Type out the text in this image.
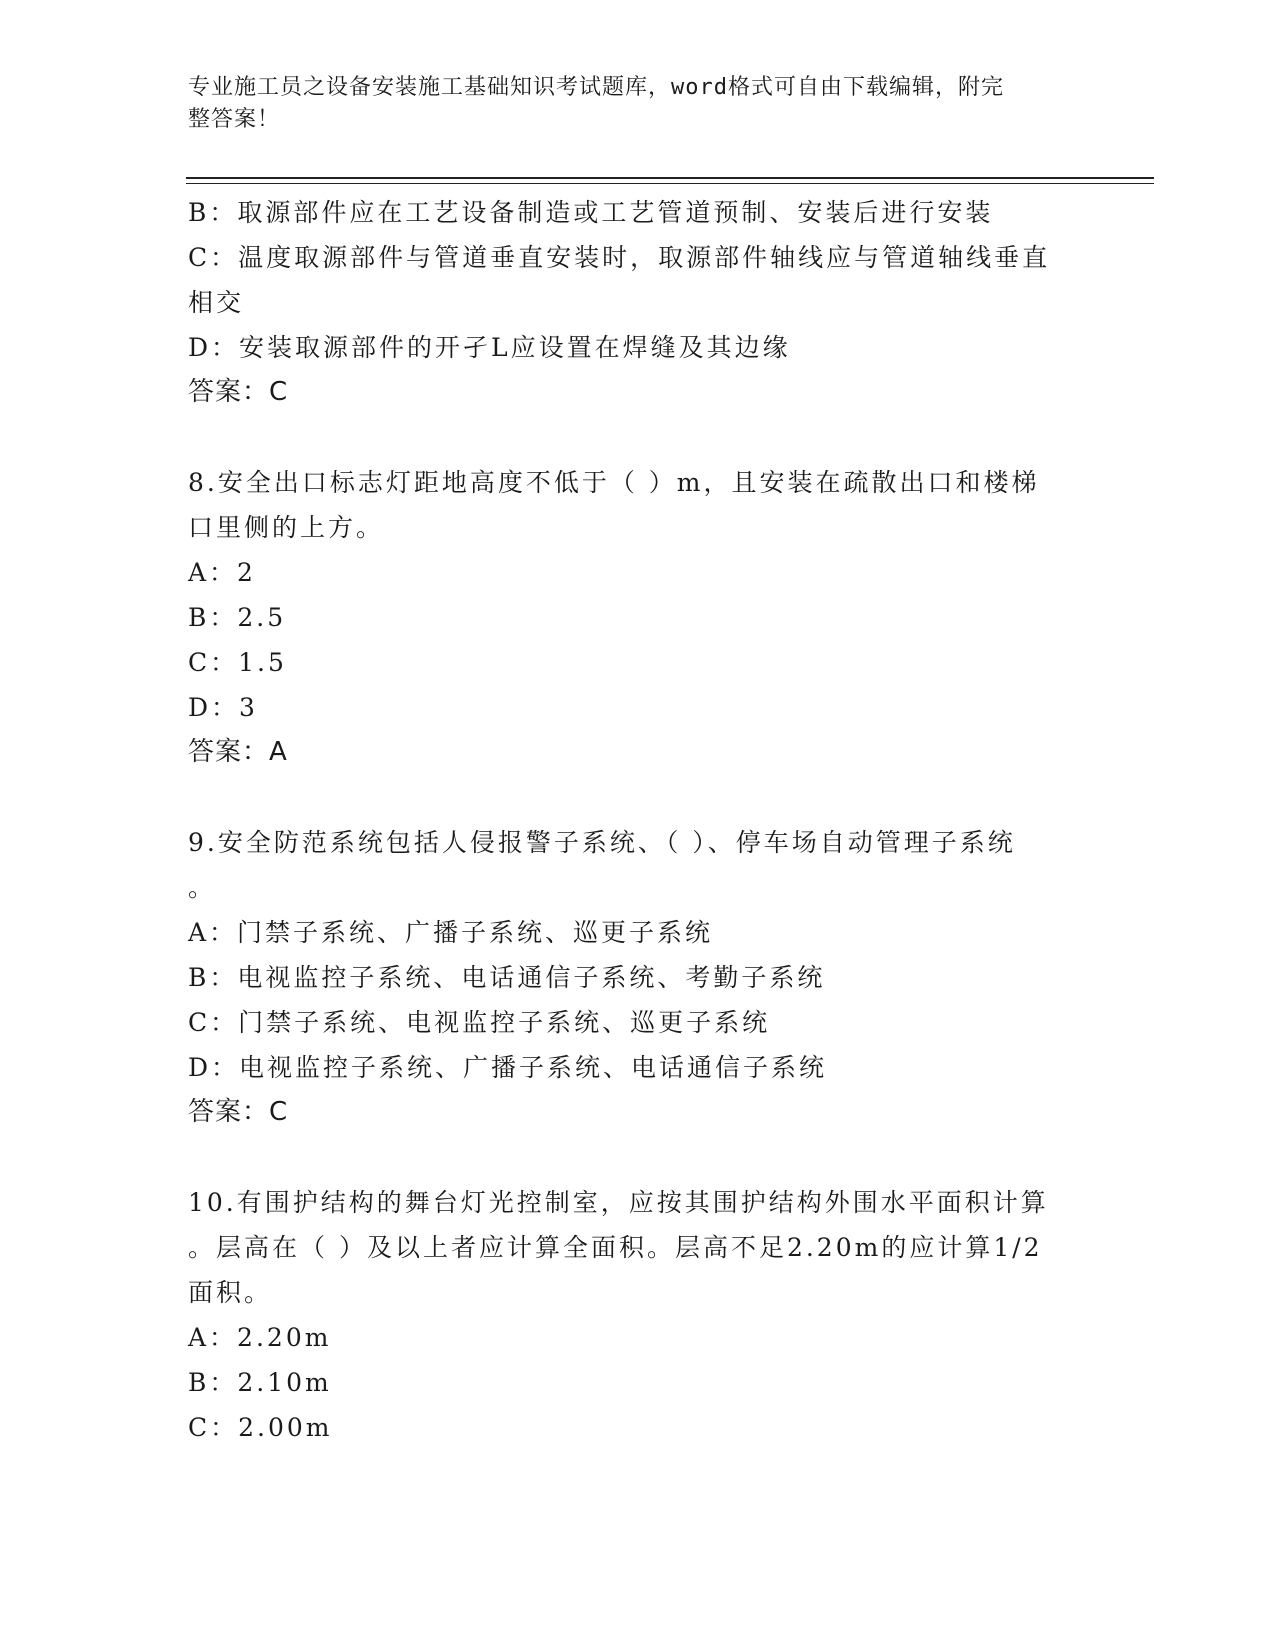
专业施工员之设备安装施工基础知识考试题库，word格式可自由下载编辑，附完
整答案！
B：取源部件应在工艺设备制造或工艺管道预制、安装后进行安装
C：温度取源部件与管道垂直安装时，取源部件轴线应与管道轴线垂直
相交
D：安装取源部件的开孑L应设置在焊缝及其边缘
答案：C
8.安全出口标志灯距地高度不低于（ ）m，且安装在疏散出口和楼梯
口里侧的上方。
A：2
B：2.5
C：1.5
D：3
答案：A
9.安全防范系统包括人侵报警子系统、（ ）、停车场自动管理子系统
。
A：门禁子系统、广播子系统、巡更子系统
B：电视监控子系统、电话通信子系统、考勤子系统
C：门禁子系统、电视监控子系统、巡更子系统
D：电视监控子系统、广播子系统、电话通信子系统
答案：C
10.有围护结构的舞台灯光控制室，应按其围护结构外围水平面积计算
。层高在（ ）及以上者应计算全面积。层高不足2.20m的应计算1/2
面积。
A：2.20m
B：2.10m
C：2.00m
